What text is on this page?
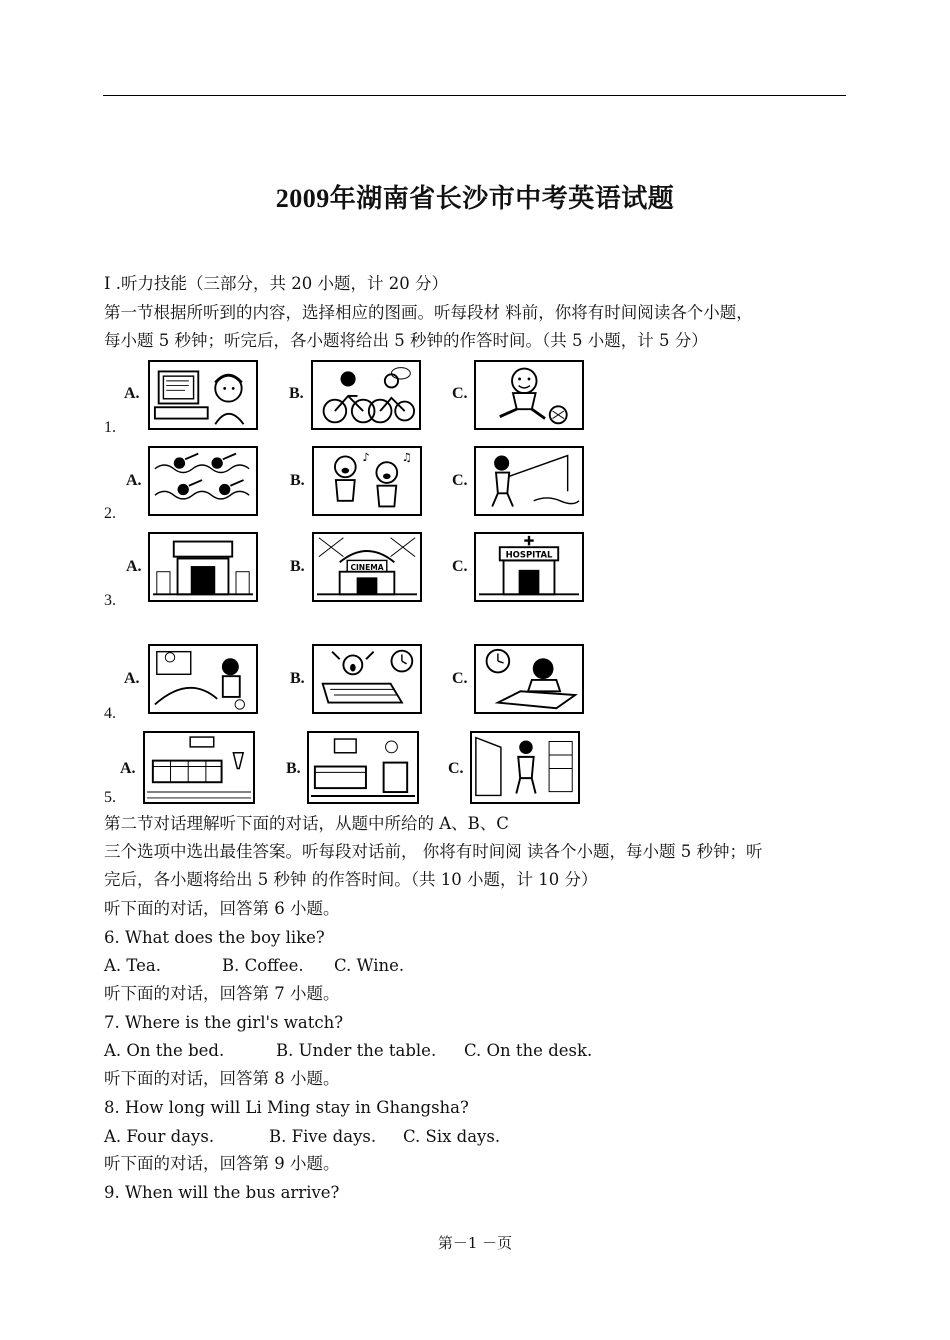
2009年湖南省长沙市中考英语试题
I .听力技能（三部分，共 20 小题，计 20 分）
第一节根据所听到的内容，选择相应的图画。听每段材 料前，你将有时间阅读各个小题，
每小题 5 秒钟；听完后，各小题将给出 5 秒钟的作答时间。（共 5 小题，计 5 分）
A.	B.	C.
1.
A.	B.
♪	♫
C.
2.
A.	B.	CINEMA	C.
HOSPITAL
3.
A.	B.	C.
4.
A.	B.	C.
5.
第二节对话理解听下面的对话，从题中所给的 A、B、C
三个选项中选出最佳答案。听每段对话前， 你将有时间阅 读各个小题，每小题 5 秒钟；听
完后，各小题将给出 5 秒钟 的作答时间。（共 10 小题，计 10 分）
听下面的对话，回答第 6 小题。
6. What does the boy like?
A. Tea.	B. Coffee. C. Wine.
听下面的对话，回答第 7 小题。
7. Where is the girl's watch?
A. On the bed.	B. Under the table. C. On the desk.
听下面的对话，回答第 8 小题。
8. How long will Li Ming stay in Ghangsha?
A. Four days.	B. Five days. C. Six days.
听下面的对话，回答第 9 小题。
9. When will the bus arrive?
第－1 －页
